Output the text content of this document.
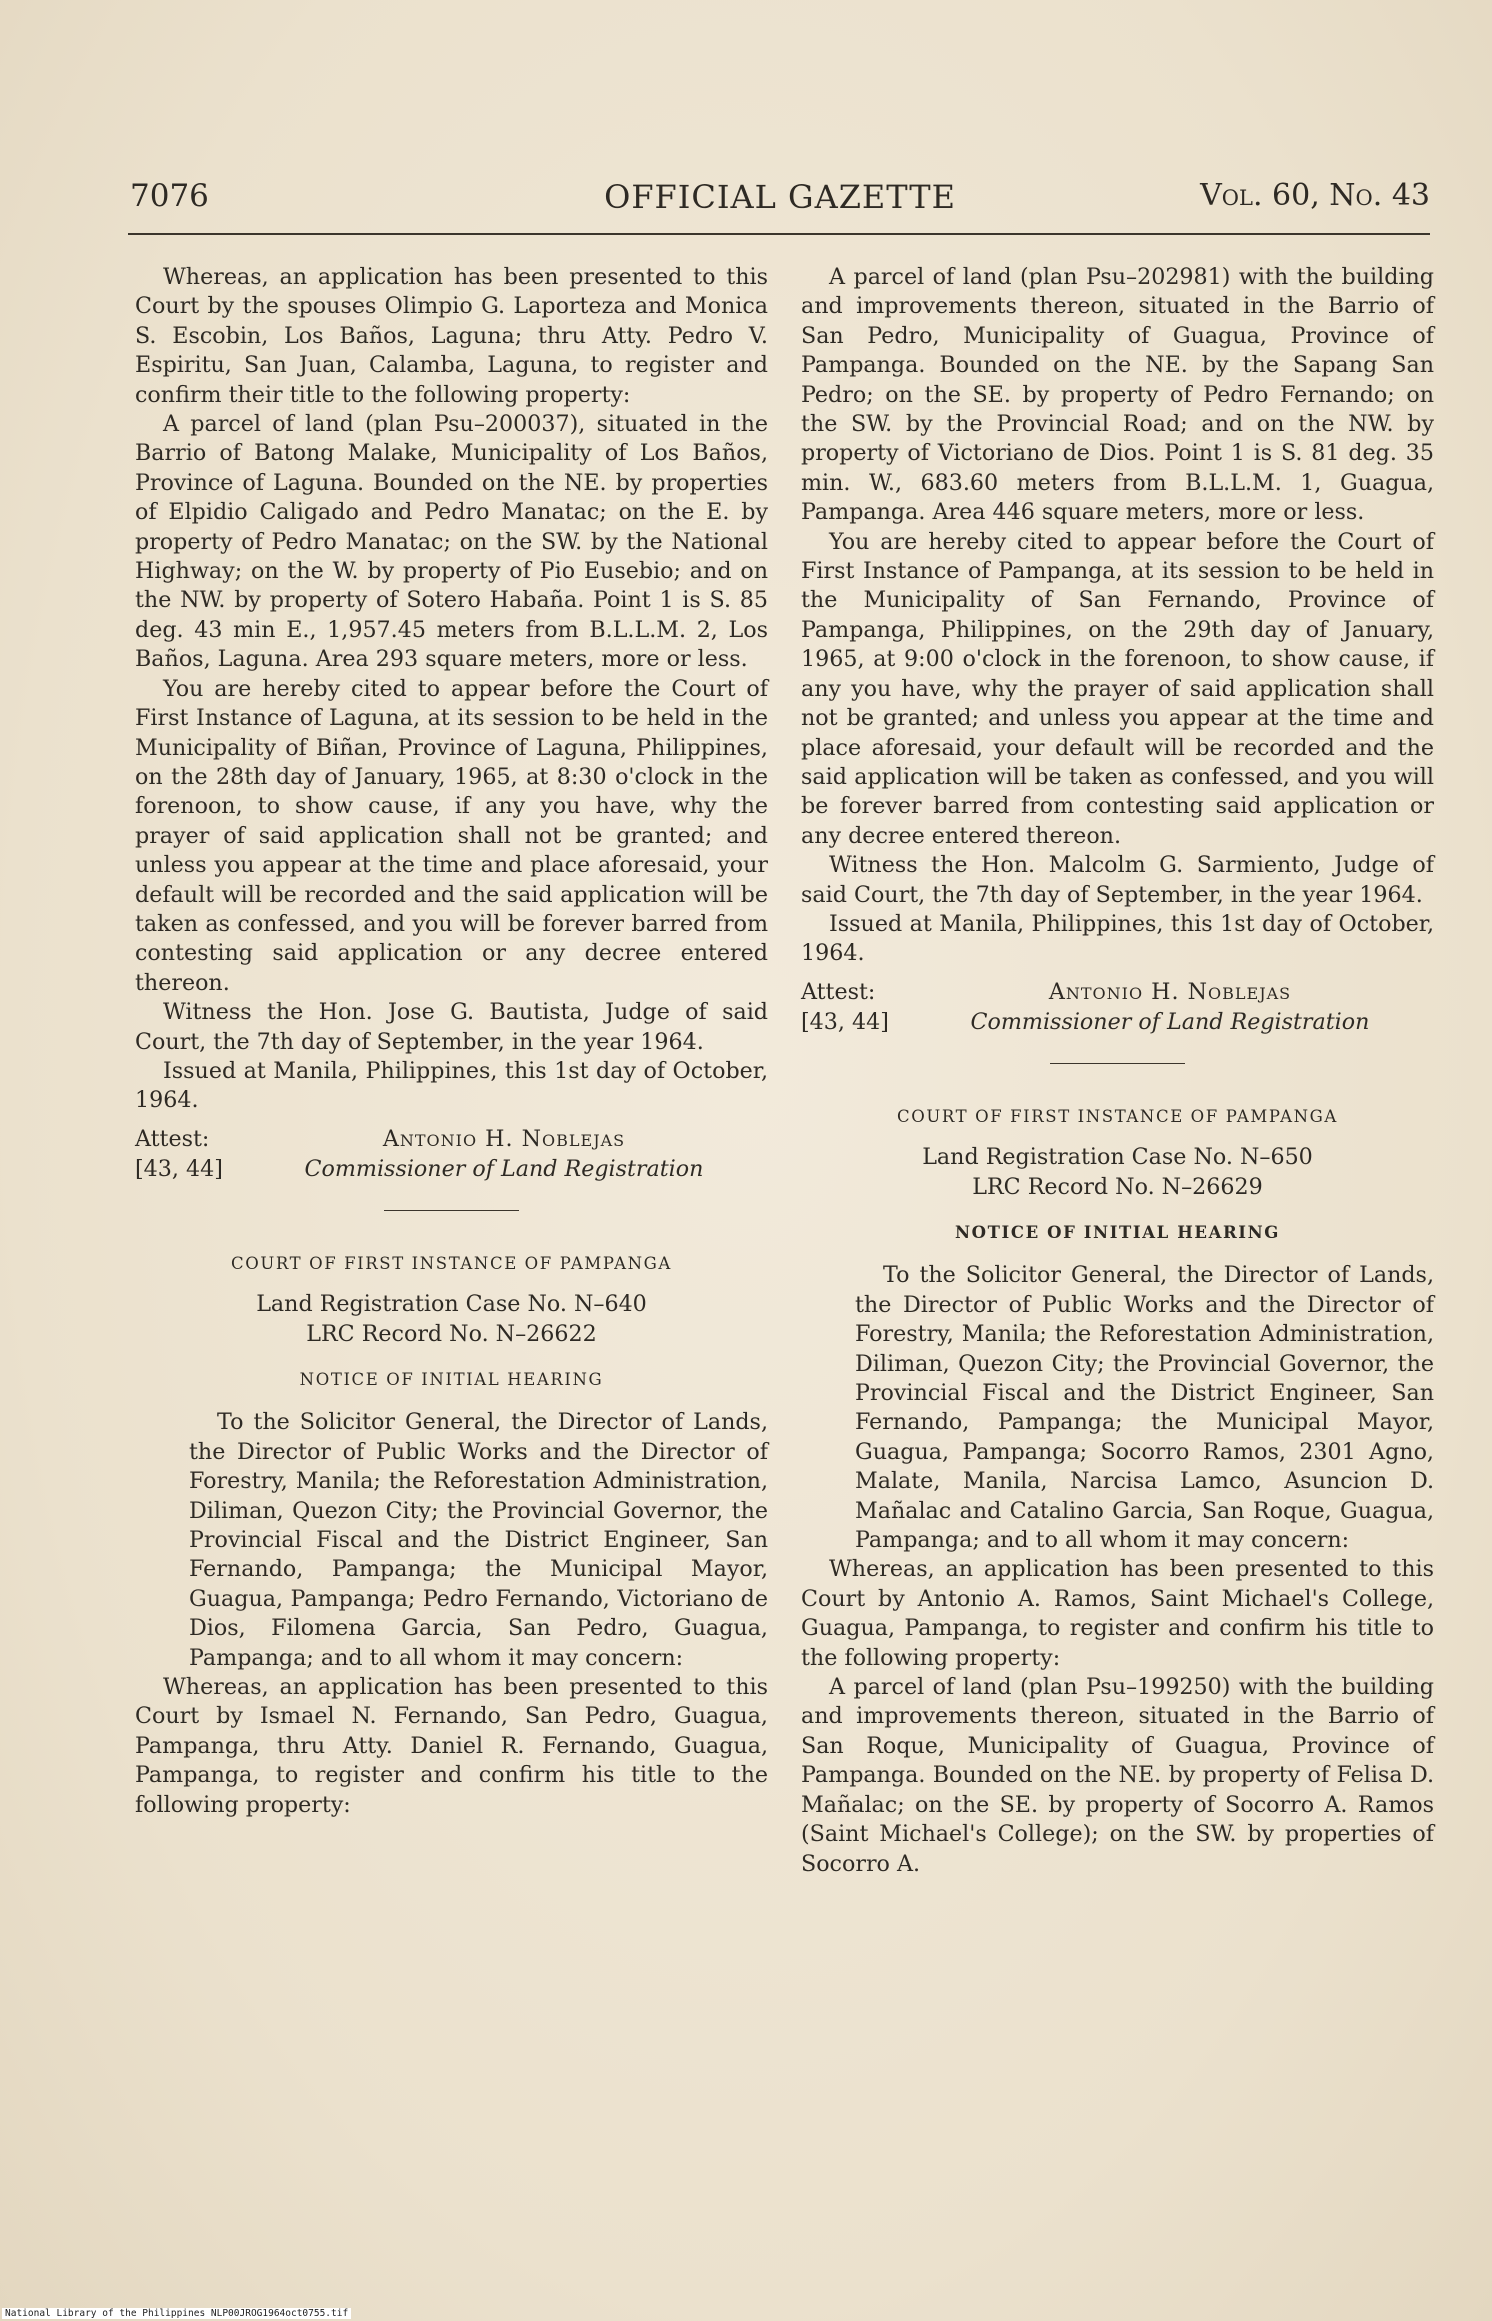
7076	OFFICIAL GAZETTE	Vol. 60, No. 43

Whereas, an application has been presented to this Court by the spouses Olimpio G. Laporteza and Monica S. Escobin, Los Baños, Laguna; thru Atty. Pedro V. Espiritu, San Juan, Calamba, Laguna, to register and confirm their title to the following property:

A parcel of land (plan Psu–200037), situated in the Barrio of Batong Malake, Municipality of Los Baños, Province of Laguna. Bounded on the NE. by properties of Elpidio Caligado and Pedro Manatac; on the E. by property of Pedro Manatac; on the SW. by the National Highway; on the W. by property of Pio Eusebio; and on the NW. by property of Sotero Habaña. Point 1 is S. 85 deg. 43 min E., 1,957.45 meters from B.L.L.M. 2, Los Baños, Laguna. Area 293 square meters, more or less.

You are hereby cited to appear before the Court of First Instance of Laguna, at its session to be held in the Municipality of Biñan, Province of Laguna, Philippines, on the 28th day of January, 1965, at 8:30 o'clock in the forenoon, to show cause, if any you have, why the prayer of said application shall not be granted; and unless you appear at the time and place aforesaid, your default will be recorded and the said application will be taken as confessed, and you will be forever barred from contesting said application or any decree entered thereon.

Witness the Hon. Jose G. Bautista, Judge of said Court, the 7th day of September, in the year 1964.

Issued at Manila, Philippines, this 1st day of October, 1964.

Attest:
[43, 44]
Antonio H. Noblejas
Commissioner of Land Registration
COURT OF FIRST INSTANCE OF PAMPANGA

Land Registration Case No. N–640

LRC Record No. N–26622

NOTICE OF INITIAL HEARING

To the Solicitor General, the Director of Lands, the Director of Public Works and the Director of Forestry, Manila; the Reforestation Administration, Diliman, Quezon City; the Provincial Governor, the Provincial Fiscal and the District Engineer, San Fernando, Pampanga; the Municipal Mayor, Guagua, Pampanga; Pedro Fernando, Victoriano de Dios, Filomena Garcia, San Pedro, Guagua, Pampanga; and to all whom it may concern:

Whereas, an application has been presented to this Court by Ismael N. Fernando, San Pedro, Guagua, Pampanga, thru Atty. Daniel R. Fernando, Guagua, Pampanga, to register and confirm his title to the following property:

A parcel of land (plan Psu–202981) with the building and improvements thereon, situated in the Barrio of San Pedro, Municipality of Guagua, Province of Pampanga. Bounded on the NE. by the Sapang San Pedro; on the SE. by property of Pedro Fernando; on the SW. by the Provincial Road; and on the NW. by property of Victoriano de Dios. Point 1 is S. 81 deg. 35 min. W., 683.60 meters from B.L.L.M. 1, Guagua, Pampanga. Area 446 square meters, more or less.

You are hereby cited to appear before the Court of First Instance of Pampanga, at its session to be held in the Municipality of San Fernando, Province of Pampanga, Philippines, on the 29th day of January, 1965, at 9:00 o'clock in the forenoon, to show cause, if any you have, why the prayer of said application shall not be granted; and unless you appear at the time and place aforesaid, your default will be recorded and the said application will be taken as confessed, and you will be forever barred from contesting said application or any decree entered thereon.

Witness the Hon. Malcolm G. Sarmiento, Judge of said Court, the 7th day of September, in the year 1964.

Issued at Manila, Philippines, this 1st day of October, 1964.

Attest:
[43, 44]
Antonio H. Noblejas
Commissioner of Land Registration
COURT OF FIRST INSTANCE OF PAMPANGA

Land Registration Case No. N–650

LRC Record No. N–26629

NOTICE OF INITIAL HEARING

To the Solicitor General, the Director of Lands, the Director of Public Works and the Director of Forestry, Manila; the Reforestation Administration, Diliman, Quezon City; the Provincial Governor, the Provincial Fiscal and the District Engineer, San Fernando, Pampanga; the Municipal Mayor, Guagua, Pampanga; Socorro Ramos, 2301 Agno, Malate, Manila, Narcisa Lamco, Asuncion D. Mañalac and Catalino Garcia, San Roque, Guagua, Pampanga; and to all whom it may concern:

Whereas, an application has been presented to this Court by Antonio A. Ramos, Saint Michael's College, Guagua, Pampanga, to register and confirm his title to the following property:

A parcel of land (plan Psu–199250) with the building and improvements thereon, situated in the Barrio of San Roque, Municipality of Guagua, Province of Pampanga. Bounded on the NE. by property of Felisa D. Mañalac; on the SE. by property of Socorro A. Ramos (Saint Michael's College); on the SW. by properties of Socorro A.

National Library of the Philippines NLP00JROG1964oct0755.tif
